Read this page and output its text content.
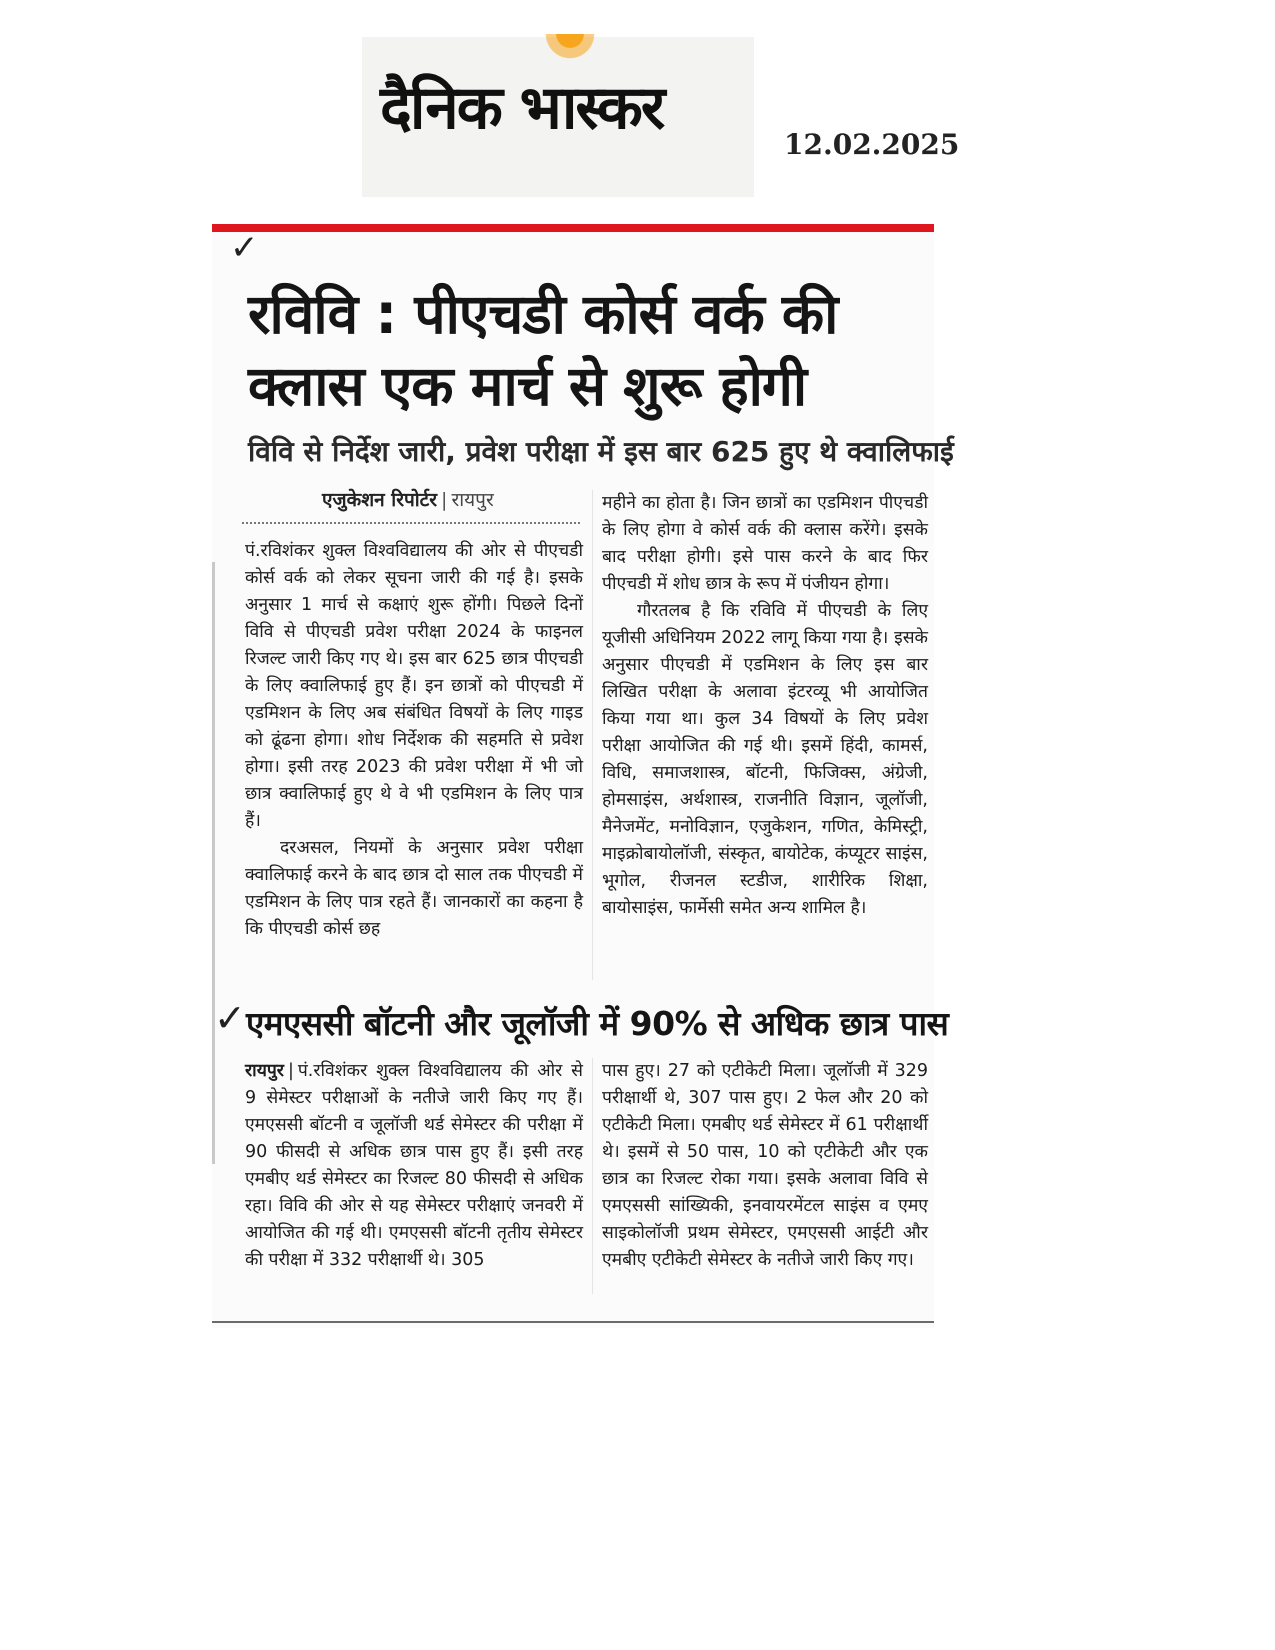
दैनिक भास्कर
12.02.2025
✓
रविवि : पीएचडी कोर्स वर्क की क्लास एक मार्च से शुरू होगी
विवि से निर्देश जारी, प्रवेश परीक्षा में इस बार 625 हुए थे क्वालिफाई
एजुकेशन रिपोर्टर | रायपुर

पं.रविशंकर शुक्ल विश्वविद्यालय की ओर से पीएचडी कोर्स वर्क को लेकर सूचना जारी की गई है। इसके अनुसार 1 मार्च से कक्षाएं शुरू होंगी। पिछले दिनों विवि से पीएचडी प्रवेश परीक्षा 2024 के फाइनल रिजल्ट जारी किए गए थे। इस बार 625 छात्र पीएचडी के लिए क्वालिफाई हुए हैं। इन छात्रों को पीएचडी में एडमिशन के लिए अब संबंधित विषयों के लिए गाइड को ढूंढना होगा। शोध निर्देशक की सहमति से प्रवेश होगा। इसी तरह 2023 की प्रवेश परीक्षा में भी जो छात्र क्वालिफाई हुए थे वे भी एडमिशन के लिए पात्र हैं।

दरअसल, नियमों के अनुसार प्रवेश परीक्षा क्वालिफाई करने के बाद छात्र दो साल तक पीएचडी में एडमिशन के लिए पात्र रहते हैं। जानकारों का कहना है कि पीएचडी कोर्स छह

महीने का होता है। जिन छात्रों का एडमिशन पीएचडी के लिए होगा वे कोर्स वर्क की क्लास करेंगे। इसके बाद परीक्षा होगी। इसे पास करने के बाद फिर पीएचडी में शोध छात्र के रूप में पंजीयन होगा।

गौरतलब है कि रविवि में पीएचडी के लिए यूजीसी अधिनियम 2022 लागू किया गया है। इसके अनुसार पीएचडी में एडमिशन के लिए इस बार लिखित परीक्षा के अलावा इंटरव्यू भी आयोजित किया गया था। कुल 34 विषयों के लिए प्रवेश परीक्षा आयोजित की गई थी। इसमें हिंदी, कामर्स, विधि, समाजशास्त्र, बॉटनी, फिजिक्स, अंग्रेजी, होमसाइंस, अर्थशास्त्र, राजनीति विज्ञान, जूलॉजी, मैनेजमेंट, मनोविज्ञान, एजुकेशन, गणित, केमिस्ट्री, माइक्रोबायोलॉजी, संस्कृत, बायोटेक, कंप्यूटर साइंस, भूगोल, रीजनल स्टडीज, शारीरिक शिक्षा, बायोसाइंस, फार्मेसी समेत अन्य शामिल है।

✓ एमएससी बॉटनी और जूलॉजी में 90% से अधिक छात्र पास

रायपुर | पं.रविशंकर शुक्ल विश्वविद्यालय की ओर से 9 सेमेस्टर परीक्षाओं के नतीजे जारी किए गए हैं। एमएससी बॉटनी व जूलॉजी थर्ड सेमेस्टर की परीक्षा में 90 फीसदी से अधिक छात्र पास हुए हैं। इसी तरह एमबीए थर्ड सेमेस्टर का रिजल्ट 80 फीसदी से अधिक रहा। विवि की ओर से यह सेमेस्टर परीक्षाएं जनवरी में आयोजित की गई थी। एमएससी बॉटनी तृतीय सेमेस्टर की परीक्षा में 332 परीक्षार्थी थे। 305

पास हुए। 27 को एटीकेटी मिला। जूलॉजी में 329 परीक्षार्थी थे, 307 पास हुए। 2 फेल और 20 को एटीकेटी मिला। एमबीए थर्ड सेमेस्टर में 61 परीक्षार्थी थे। इसमें से 50 पास, 10 को एटीकेटी और एक छात्र का रिजल्ट रोका गया। इसके अलावा विवि से एमएससी सांख्यिकी, इनवायरमेंटल साइंस व एमए साइकोलॉजी प्रथम सेमेस्टर, एमएससी आईटी और एमबीए एटीकेटी सेमेस्टर के नतीजे जारी किए गए।
